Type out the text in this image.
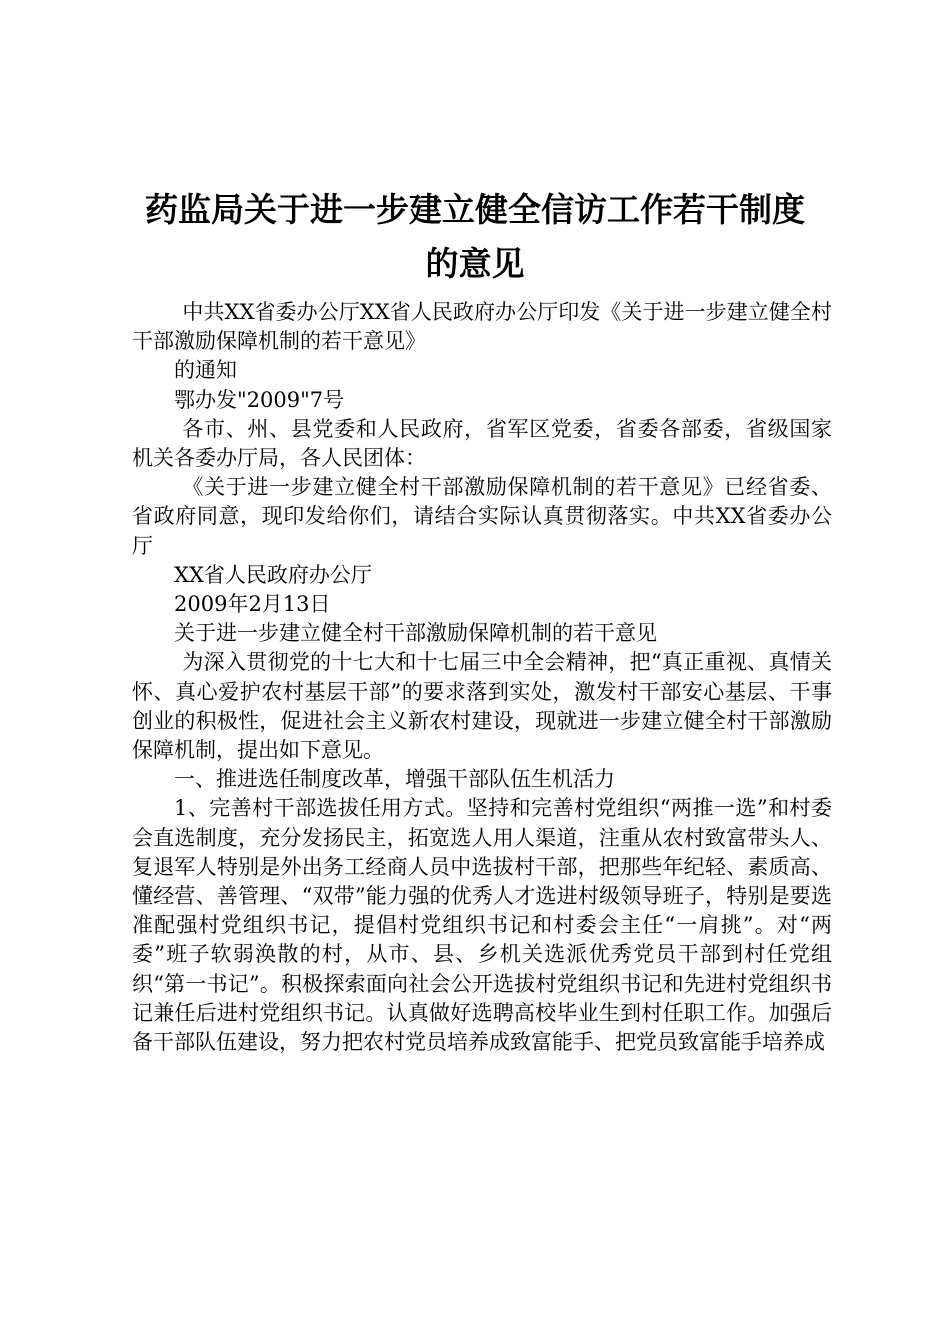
药监局关于进一步建立健全信访工作若干制度
的意见

中共XX省委办公厅XX省人民政府办公厅印发《关于进一步建立健全村干部激励保障机制的若干意见》

的通知

鄂办发"2009"7号

各市、州、县党委和人民政府，省军区党委，省委各部委，省级国家机关各委办厅局，各人民团体：

《关于进一步建立健全村干部激励保障机制的若干意见》已经省委、省政府同意，现印发给你们，请结合实际认真贯彻落实。中共XX省委办公厅

XX省人民政府办公厅

2009年2月13日

关于进一步建立健全村干部激励保障机制的若干意见

为深入贯彻党的十七大和十七届三中全会精神，把“真正重视、真情关怀、真心爱护农村基层干部”的要求落到实处，激发村干部安心基层、干事创业的积极性，促进社会主义新农村建设，现就进一步建立健全村干部激励保障机制，提出如下意见。

一、推进选任制度改革，增强干部队伍生机活力

1、完善村干部选拔任用方式。坚持和完善村党组织“两推一选”和村委会直选制度，充分发扬民主，拓宽选人用人渠道，注重从农村致富带头人、复退军人特别是外出务工经商人员中选拔村干部，把那些年纪轻、素质高、懂经营、善管理、“双带”能力强的优秀人才选进村级领导班子，特别是要选准配强村党组织书记，提倡村党组织书记和村委会主任“一肩挑”。对“两委”班子软弱涣散的村，从市、县、乡机关选派优秀党员干部到村任党组织“第一书记”。积极探索面向社会公开选拔村党组织书记和先进村党组织书记兼任后进村党组织书记。认真做好选聘高校毕业生到村任职工作。加强后备干部队伍建设，努力把农村党员培养成致富能手、把党员致富能手培养成
